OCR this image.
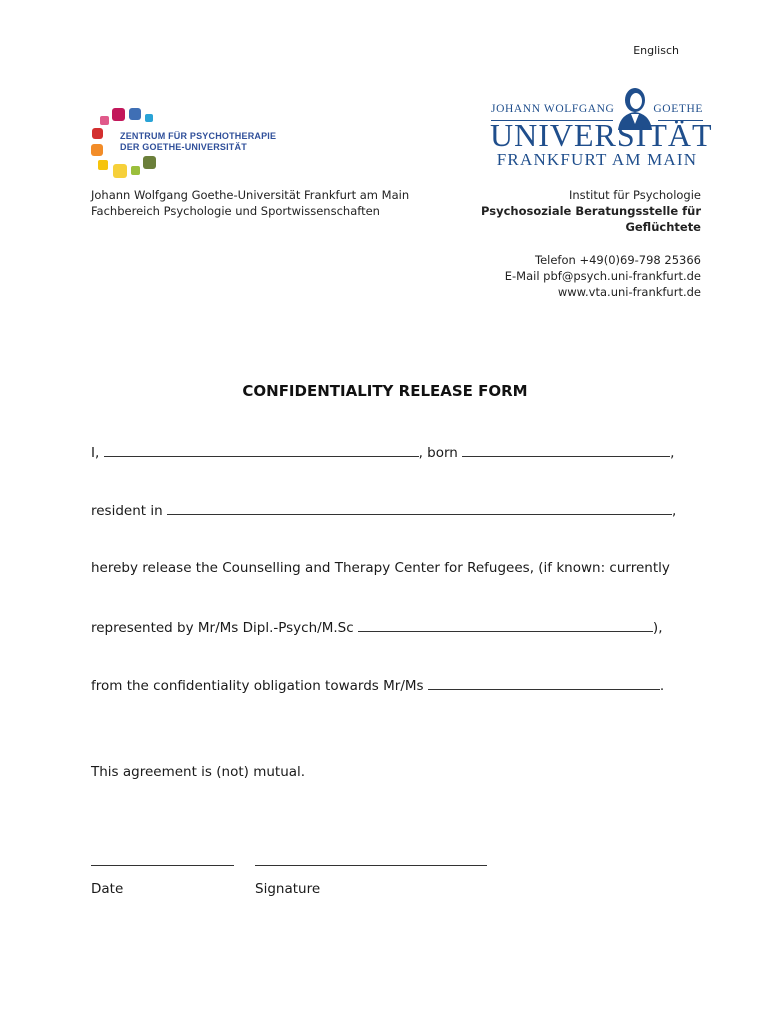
Englisch
ZENTRUM FÜR PSYCHOTHERAPIE
DER GOETHE-UNIVERSITÄT
JOHANN WOLFGANG	GOETHE
UNIVERSITÄT
FRANKFURT AM MAIN
Johann Wolfgang Goethe-Universität Frankfurt am Main
Fachbereich Psychologie und Sportwissenschaften
Institut für Psychologie
Psychosoziale Beratungsstelle für
Geflüchtete
Telefon +49(0)69-798 25366
E-Mail pbf@psych.uni-frankfurt.de
www.vta.uni-frankfurt.de
CONFIDENTIALITY RELEASE FORM
I,	, born	,
resident in	,
hereby release the Counselling and Therapy Center for Refugees, (if known: currently
represented by Mr/Ms Dipl.-Psych/M.Sc	),
from the confidentiality obligation towards Mr/Ms	.
This agreement is (not) mutual.
Date	Signature
